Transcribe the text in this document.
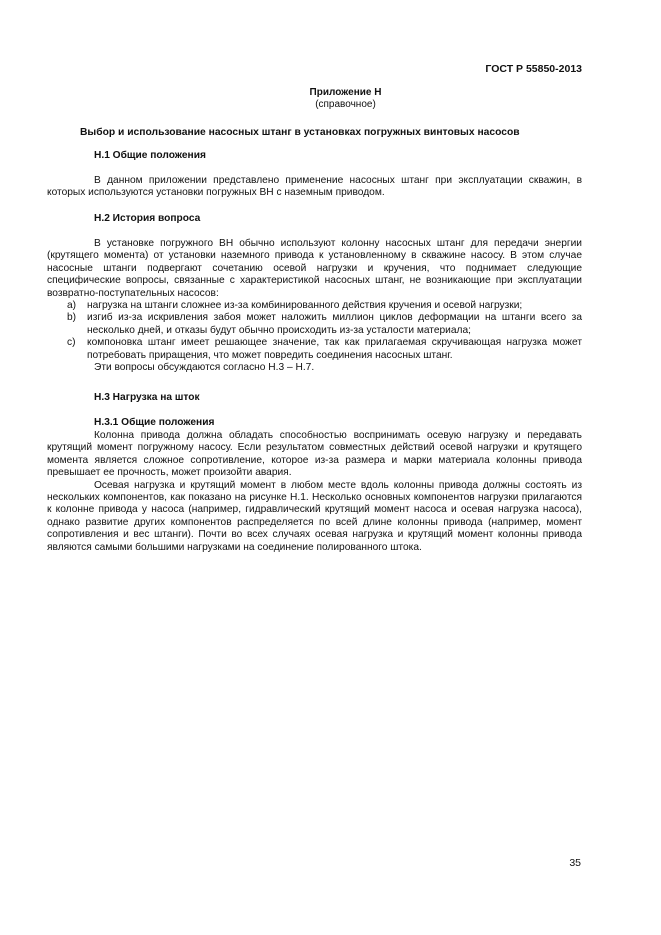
ГОСТ Р 55850-2013
Приложение Н
(справочное)
Выбор и использование насосных штанг в установках погружных винтовых насосов
Н.1 Общие положения

В данном приложении представлено применение насосных штанг при эксплуатации скважин, в которых используются установки погружных ВН с наземным приводом.

Н.2 История вопроса

В установке погружного ВН обычно используют колонну насосных штанг для передачи энергии (крутящего момента) от установки наземного привода к установленному в скважине насосу. В этом случае насосные штанги подвергают сочетанию осевой нагрузки и кручения, что поднимает следующие специфические вопросы, связанные с характеристикой насосных штанг, не возникающие при эксплуатации возвратно-поступательных насосов:

a) нагрузка на штанги сложнее из-за комбинированного действия кручения и осевой нагрузки;
b) изгиб из-за искривления забоя может наложить миллион циклов деформации на штанги всего за несколько дней, и отказы будут обычно происходить из-за усталости материала;
c) компоновка штанг имеет решающее значение, так как прилагаемая скручивающая нагрузка может потребовать приращения, что может повредить соединения насосных штанг.

Эти вопросы обсуждаются согласно Н.3 – Н.7.

Н.3 Нагрузка на шток
Н.3.1 Общие положения

Колонна привода должна обладать способностью воспринимать осевую нагрузку и передавать крутящий момент погружному насосу. Если результатом совместных действий осевой нагрузки и крутящего момента является сложное сопротивление, которое из-за размера и марки материала колонны привода превышает ее прочность, может произойти авария.

Осевая нагрузка и крутящий момент в любом месте вдоль колонны привода должны состоять из нескольких компонентов, как показано на рисунке Н.1. Несколько основных компонентов нагрузки прилагаются к колонне привода у насоса (например, гидравлический крутящий момент насоса и осевая нагрузка насоса), однако развитие других компонентов распределяется по всей длине колонны привода (например, момент сопротивления и вес штанги). Почти во всех случаях осевая нагрузка и крутящий момент колонны привода являются самыми большими нагрузками на соединение полированного штока.

35
